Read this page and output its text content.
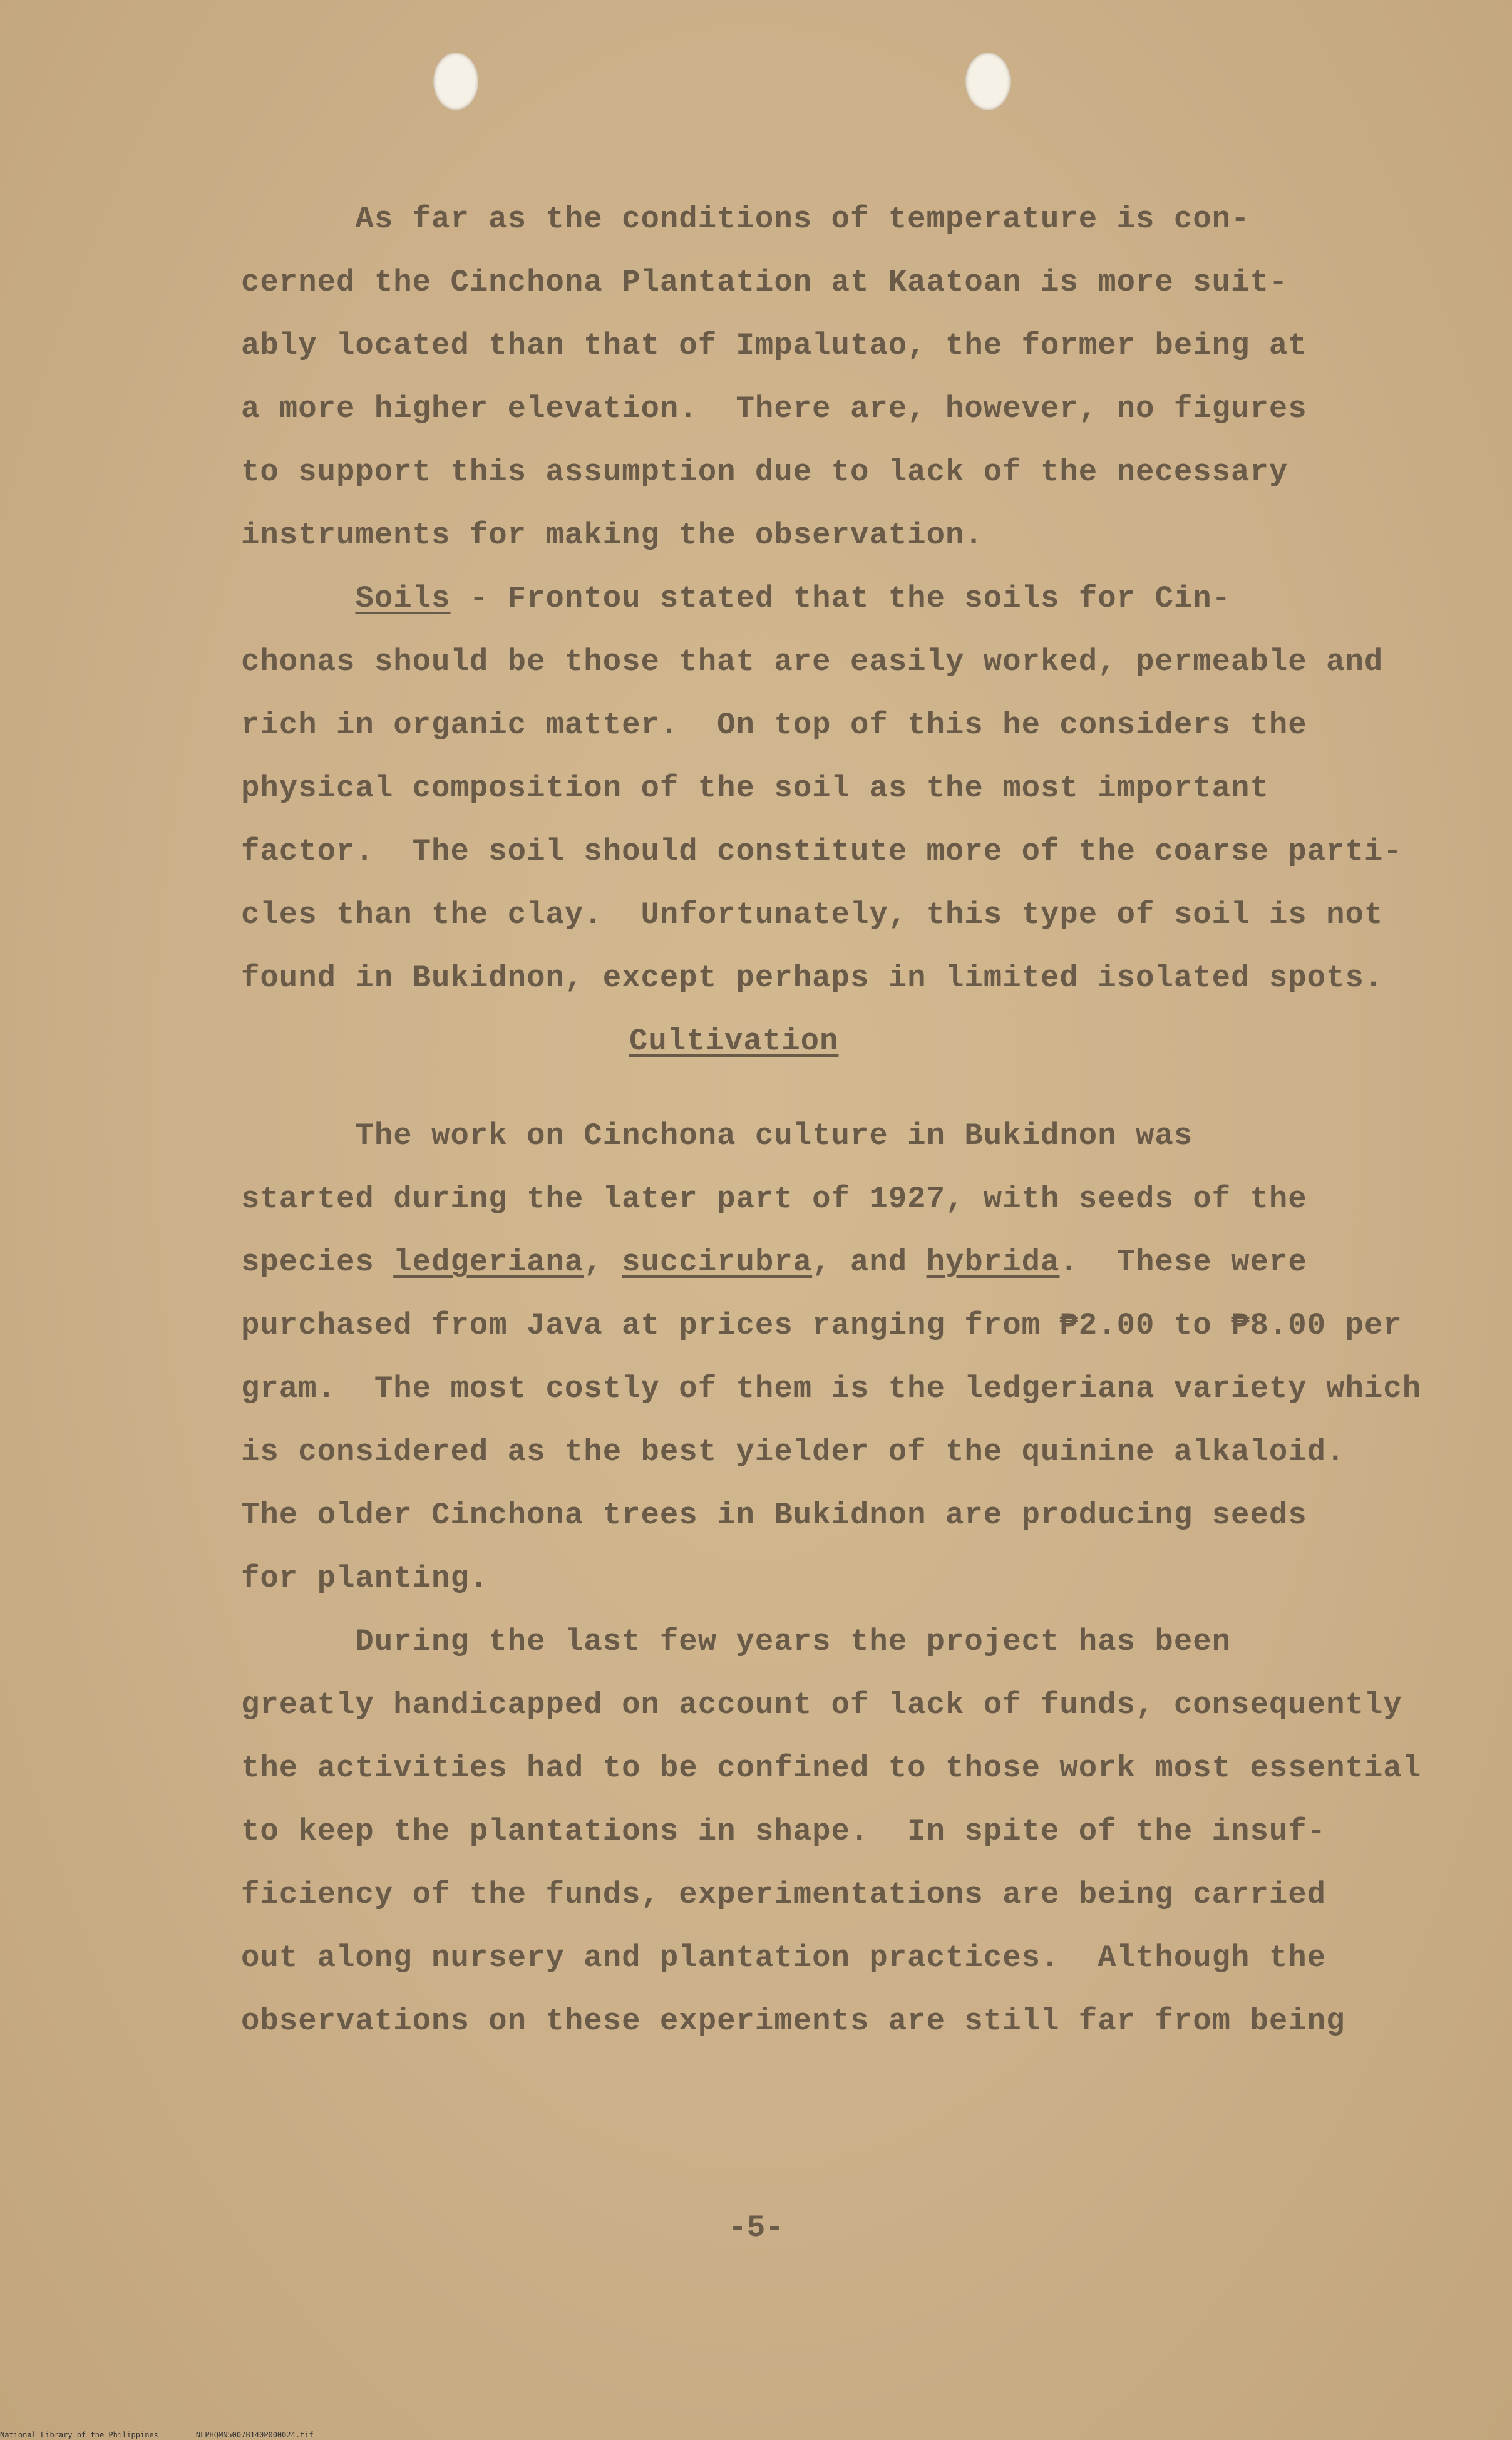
As far as the conditions of temperature is con-
cerned the Cinchona Plantation at Kaatoan is more suit-
ably located than that of Impalutao, the former being at
a more higher elevation.  There are, however, no figures
to support this assumption due to lack of the necessary
instruments for making the observation.
Soils - Frontou stated that the soils for Cin-
chonas should be those that are easily worked, permeable and
rich in organic matter.  On top of this he considers the
physical composition of the soil as the most important
factor.  The soil should constitute more of the coarse parti-
cles than the clay.  Unfortunately, this type of soil is not
found in Bukidnon, except perhaps in limited isolated spots.
Cultivation
The work on Cinchona culture in Bukidnon was
started during the later part of 1927, with seeds of the
species ledgeriana, succirubra, and hybrida.  These were
purchased from Java at prices ranging from ₱2.00 to ₱8.00 per
gram.  The most costly of them is the ledgeriana variety which
is considered as the best yielder of the quinine alkaloid.
The older Cinchona trees in Bukidnon are producing seeds
for planting.
During the last few years the project has been
greatly handicapped on account of lack of funds, consequently
the activities had to be confined to those work most essential
to keep the plantations in shape.  In spite of the insuf-
ficiency of the funds, experimentations are being carried
out along nursery and plantation practices.  Although the
observations on these experiments are still far from being
-5-
National Library of the Philippines	NLPHQMN5007B140P000024.tif
